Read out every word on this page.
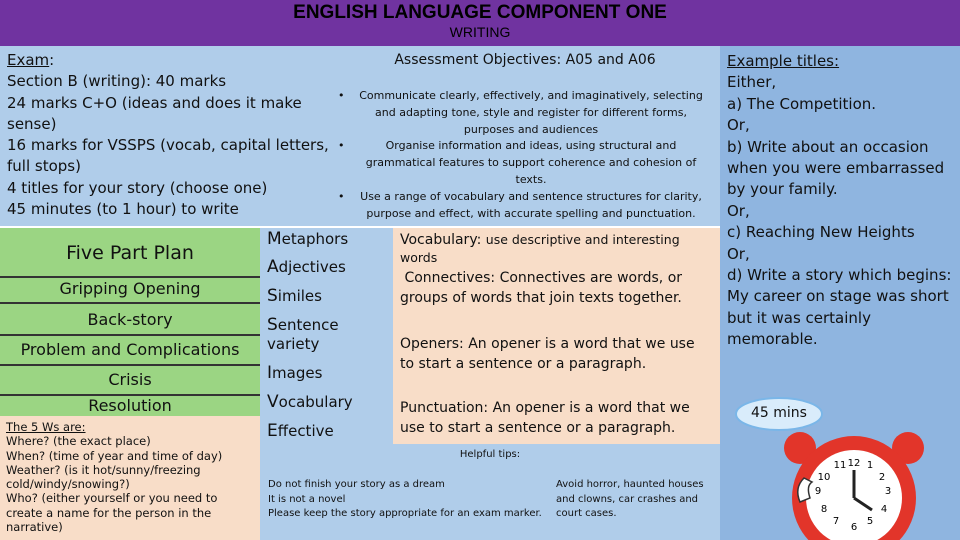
ENGLISH LANGUAGE COMPONENT ONE
WRITING
Exam:
Section B (writing): 40 marks
24 marks C+O (ideas and does it make
sense)
16 marks for VSSPS (vocab, capital letters,
full stops)
4 titles for your story (choose one)
45 minutes (to 1 hour) to write
Assessment Objectives: A05 and A06
• Communicate clearly, effectively, and imaginatively, selecting and adapting tone, style and register for different forms, purposes and audiences
• Organise information and ideas, using structural and grammatical features to support coherence and cohesion of texts.
• Use a range of vocabulary and sentence structures for clarity, purpose and effect, with accurate spelling and punctuation.
Example titles:
Either,
a) The Competition.
Or,
b) Write about an occasion
when you were embarrassed
by your family.
Or,
c) Reaching New Heights
Or,
d) Write a story which begins:
My career on stage was short
but it was certainly
memorable.
Five Part Plan
Gripping Opening
Back-story
Problem and Complications
Crisis
Resolution
The 5 Ws are:
Where? (the exact place)
When? (time of year and time of day)
Weather? (is it hot/sunny/freezing
cold/windy/snowing?)
Who? (either yourself or you need to
create a name for the person in the
narrative)
Metaphors
Adjectives
Similes
Sentence
variety
Images
Vocabulary
Effective
Vocabulary: use descriptive and interesting words
Connectives: Connectives are words, or groups of words that join texts together.
Openers: An opener is a word that we use to start a sentence or a paragraph.
Punctuation: An opener is a word that we use to start a sentence or a paragraph.
Helpful tips:
Do not finish your story as a dream
It is not a novel
Please keep the story appropriate for an exam marker.
Avoid horror, haunted houses
and clowns, car crashes and
court cases.
45 mins
12
11
10
9
8
7
1
2
3
4
5
6
